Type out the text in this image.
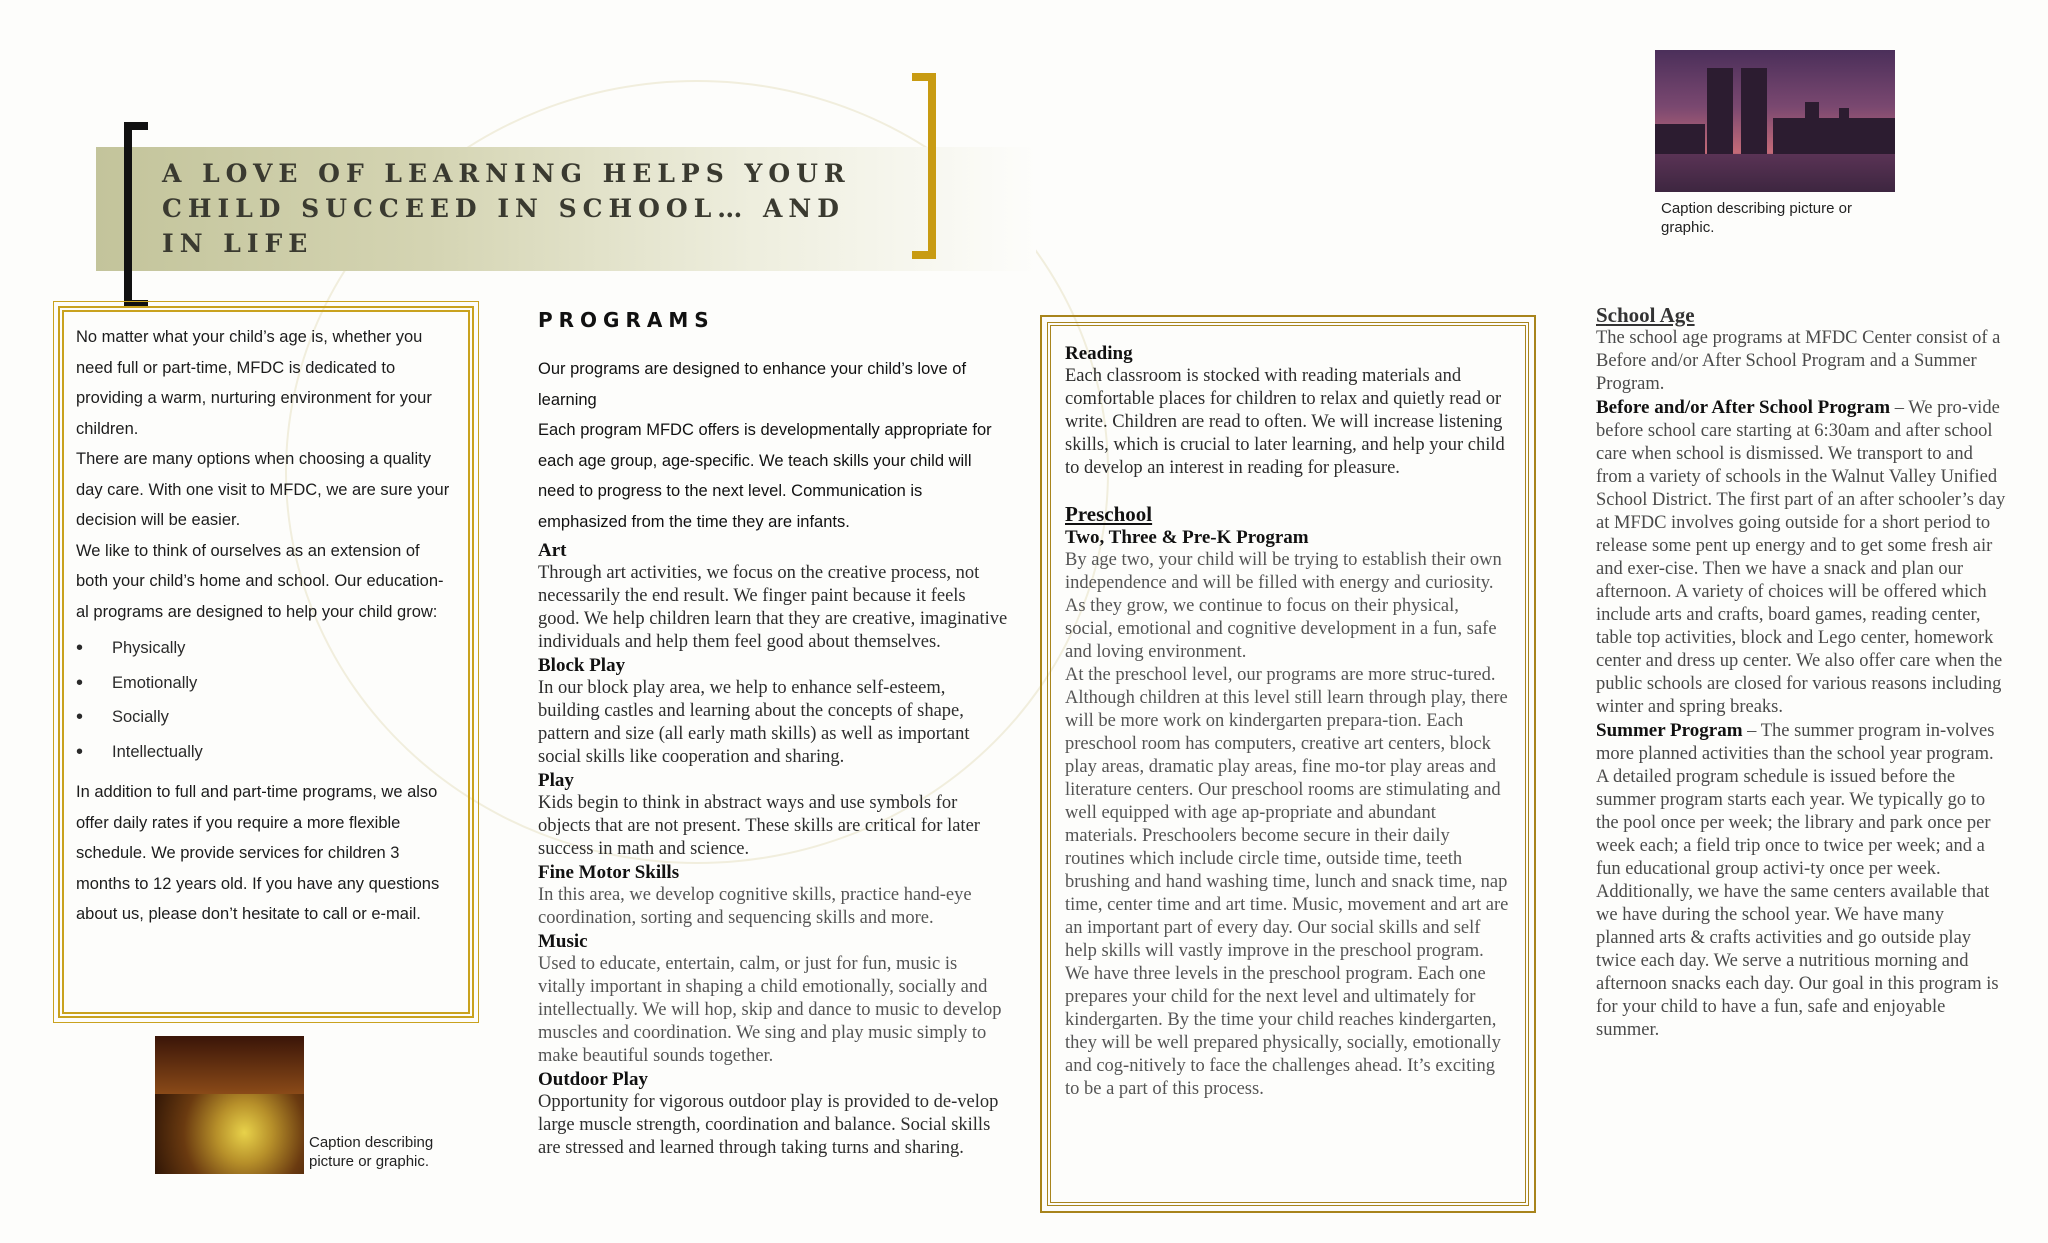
A LOVE OF LEARNING HELPS YOUR CHILD SUCCEED IN SCHOOL… AND IN LIFE
Caption describing picture or graphic.

No matter what your child’s age is, whether you need full or part-time, MFDC is dedicated to providing a warm, nurturing environment for your children.

There are many options when choosing a quality day care. With one visit to MFDC, we are sure your decision will be easier.

We like to think of ourselves as an extension of both your child’s home and school. Our education-al programs are designed to help your child grow:

• Physically
• Emotionally
• Socially
• Intellectually

In addition to full and part-time programs, we also offer daily rates if you require a more flexible schedule. We provide services for children 3 months to 12 years old. If you have any questions about us, please don’t hesitate to call or e-mail.

Caption describing picture or graphic.
PROGRAMS

Our programs are designed to enhance your child’s love of learning

Each program MFDC offers is developmentally appropriate for each age group, age-specific. We teach skills your child will need to progress to the next level. Communication is emphasized from the time they are infants.

Art
Through art activities, we focus on the creative process, not necessarily the end result. We finger paint because it feels good. We help children learn that they are creative, imaginative individuals and help them feel good about themselves.
Block Play
In our block play area, we help to enhance self-esteem, building castles and learning about the concepts of shape, pattern and size (all early math skills) as well as important social skills like cooperation and sharing.
Play
Kids begin to think in abstract ways and use symbols for objects that are not present. These skills are critical for later success in math and science.
Fine Motor Skills
In this area, we develop cognitive skills, practice hand-eye coordination, sorting and sequencing skills and more.
Music
Used to educate, entertain, calm, or just for fun, music is vitally important in shaping a child emotionally, socially and intellectually. We will hop, skip and dance to music to develop muscles and coordination. We sing and play music simply to make beautiful sounds together.
Outdoor Play
Opportunity for vigorous outdoor play is provided to de-velop large muscle strength, coordination and balance. Social skills are stressed and learned through taking turns and sharing.
Reading
Each classroom is stocked with reading materials and comfortable places for children to relax and quietly read or write. Children are read to often. We will increase listening skills, which is crucial to later learning, and help your child to develop an interest in reading for pleasure.
Preschool
Two, Three & Pre-K Program
By age two, your child will be trying to establish their own independence and will be filled with energy and curiosity. As they grow, we continue to focus on their physical, social, emotional and cognitive development in a fun, safe and loving environment.
At the preschool level, our programs are more struc-tured. Although children at this level still learn through play, there will be more work on kindergarten prepara-tion. Each preschool room has computers, creative art centers, block play areas, dramatic play areas, fine mo-tor play areas and literature centers. Our preschool rooms are stimulating and well equipped with age ap-propriate and abundant materials. Preschoolers become secure in their daily routines which include circle time, outside time, teeth brushing and hand washing time, lunch and snack time, nap time, center time and art time. Music, movement and art are an important part of every day. Our social skills and self help skills will vastly improve in the preschool program. We have three levels in the preschool program. Each one prepares your child for the next level and ultimately for kindergarten. By the time your child reaches kindergarten, they will be well prepared physically, socially, emotionally and cog-nitively to face the challenges ahead. It’s exciting to be a part of this process.
School Age
The school age programs at MFDC Center consist of a Before and/or After School Program and a Summer Program.
Before and/or After School Program – We pro-vide before school care starting at 6:30am and after school care when school is dismissed. We transport to and from a variety of schools in the Walnut Valley Unified School District. The first part of an after schooler’s day at MFDC involves going outside for a short period to release some pent up energy and to get some fresh air and exer-cise. Then we have a snack and plan our afternoon. A variety of choices will be offered which include arts and crafts, board games, reading center, table top activities, block and Lego center, homework center and dress up center. We also offer care when the public schools are closed for various reasons including winter and spring breaks.
Summer Program – The summer program in-volves more planned activities than the school year program. A detailed program schedule is issued before the summer program starts each year. We typically go to the pool once per week; the library and park once per week each; a field trip once to twice per week; and a fun educational group activi-ty once per week. Additionally, we have the same centers available that we have during the school year. We have many planned arts & crafts activities and go outside play twice each day. We serve a nutritious morning and afternoon snacks each day. Our goal in this program is for your child to have a fun, safe and enjoyable summer.
